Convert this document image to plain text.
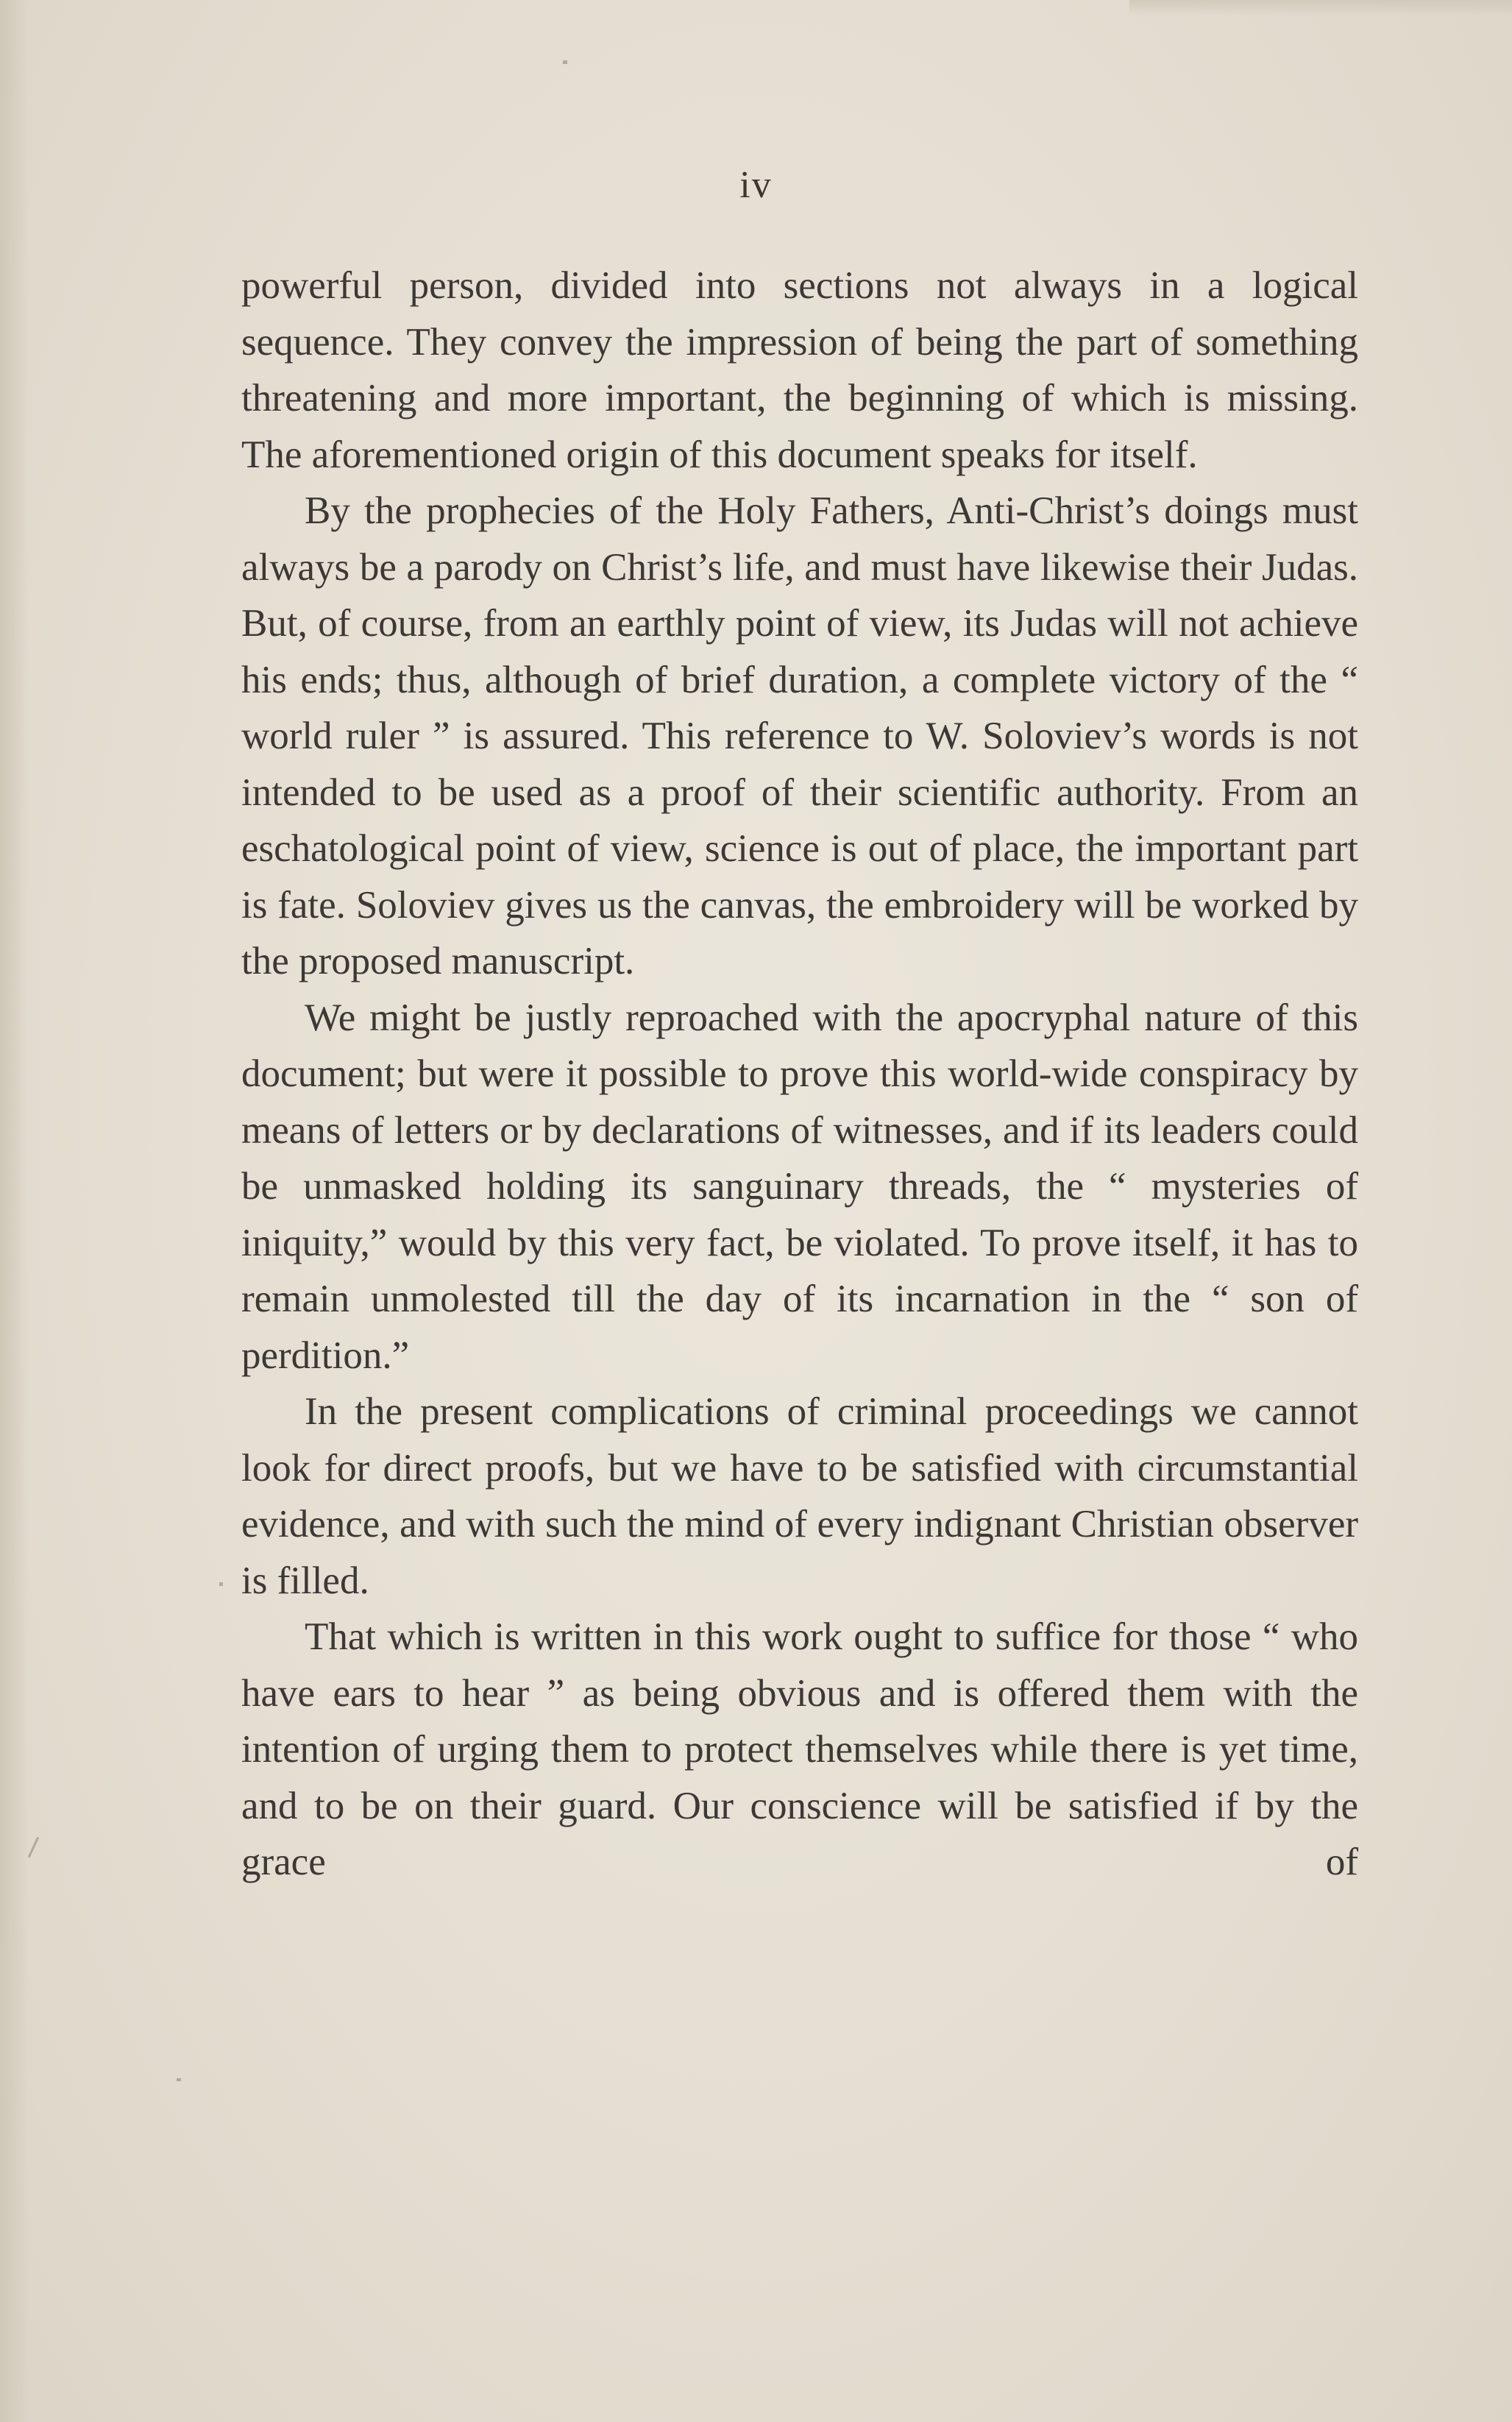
iv

powerful person, divided into sections not always in a logical sequence. They convey the impression of being the part of something threatening and more important, the beginning of which is missing. The aforementioned origin of this document speaks for itself.

By the prophecies of the Holy Fathers, Anti-Christ’s doings must always be a parody on Christ’s life, and must have likewise their Judas. But, of course, from an earthly point of view, its Judas will not achieve his ends; thus, although of brief duration, a complete victory of the “ world ruler ” is assured. This reference to W. Soloviev’s words is not intended to be used as a proof of their scientific authority. From an eschatological point of view, science is out of place, the important part is fate. Soloviev gives us the canvas, the embroidery will be worked by the proposed manuscript.

We might be justly reproached with the apocryphal nature of this document; but were it possible to prove this world-wide conspiracy by means of letters or by declarations of witnesses, and if its leaders could be unmasked holding its sanguinary threads, the “ mysteries of iniquity,” would by this very fact, be violated. To prove itself, it has to remain unmolested till the day of its incarnation in the “ son of perdition.”

In the present complications of criminal proceedings we cannot look for direct proofs, but we have to be satisfied with circumstantial evidence, and with such the mind of every indignant Christian observer is filled.

That which is written in this work ought to suffice for those “ who have ears to hear ” as being obvious and is offered them with the intention of urging them to protect themselves while there is yet time, and to be on their guard. Our conscience will be satisfied if by the grace of
